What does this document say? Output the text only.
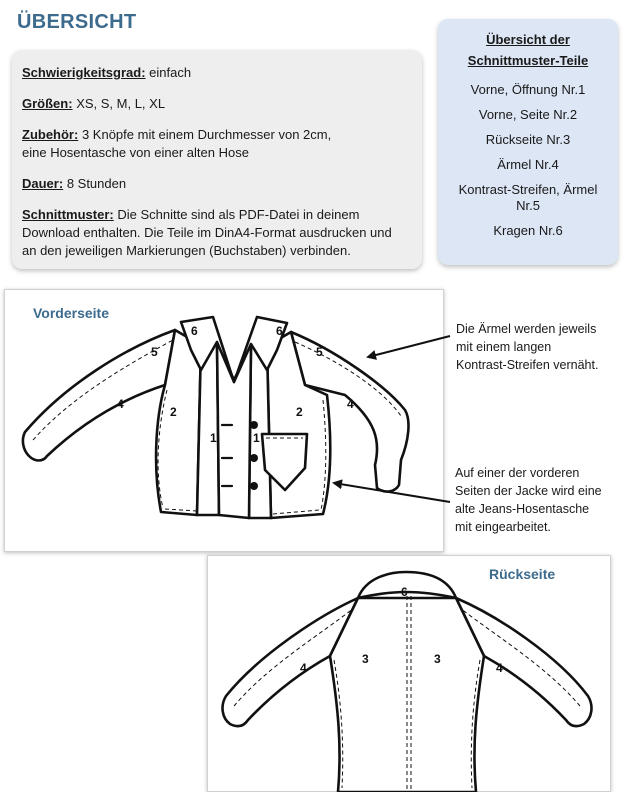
ÜBERSICHT
Schwierigkeitsgrad: einfach
Größen: XS, S, M, L, XL
Zubehör: 3 Knöpfe mit einem Durchmesser von 2cm,
eine Hosentasche von einer alten Hose
Dauer: 8 Stunden
Schnittmuster: Die Schnitte sind als PDF-Datei in deinem
Download enthalten. Die Teile im DinA4-Format ausdrucken und
an den jeweiligen Markierungen (Buchstaben) verbinden.
Übersicht der
Schnittmuster-Teile
Vorne, Öffnung Nr.1
Vorne, Seite Nr.2
Rückseite Nr.3
Ärmel Nr.4
Kontrast-Streifen, Ärmel Nr.5
Kragen Nr.6
Vorderseite
6	6
5	5
4	4
2	2
1	1
Rückseite
6
3	3
4	4
Die Ärmel werden jeweils
mit einem langen
Kontrast-Streifen vernäht.
Auf einer der vorderen
Seiten der Jacke wird eine
alte Jeans-Hosentasche
mit eingearbeitet.
